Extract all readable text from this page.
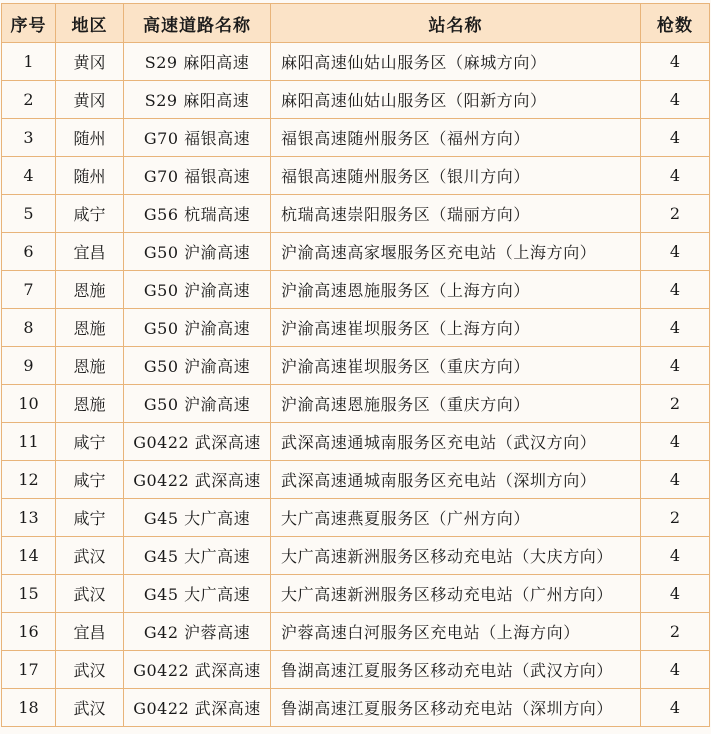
序号	地区	高速道路名称	站名称	枪数
1	黄冈	S29 麻阳高速	麻阳高速仙姑山服务区（麻城方向）	4
2	黄冈	S29 麻阳高速	麻阳高速仙姑山服务区（阳新方向）	4
3	随州	G70 福银高速	福银高速随州服务区（福州方向）	4
4	随州	G70 福银高速	福银高速随州服务区（银川方向）	4
5	咸宁	G56 杭瑞高速	杭瑞高速崇阳服务区（瑞丽方向）	2
6	宜昌	G50 沪渝高速	沪渝高速高家堰服务区充电站（上海方向）	4
7	恩施	G50 沪渝高速	沪渝高速恩施服务区（上海方向）	4
8	恩施	G50 沪渝高速	沪渝高速崔坝服务区（上海方向）	4
9	恩施	G50 沪渝高速	沪渝高速崔坝服务区（重庆方向）	4
10	恩施	G50 沪渝高速	沪渝高速恩施服务区（重庆方向）	2
11	咸宁	G0422 武深高速	武深高速通城南服务区充电站（武汉方向）	4
12	咸宁	G0422 武深高速	武深高速通城南服务区充电站（深圳方向）	4
13	咸宁	G45 大广高速	大广高速燕夏服务区（广州方向）	2
14	武汉	G45 大广高速	大广高速新洲服务区移动充电站（大庆方向）	4
15	武汉	G45 大广高速	大广高速新洲服务区移动充电站（广州方向）	4
16	宜昌	G42 沪蓉高速	沪蓉高速白河服务区充电站（上海方向）	2
17	武汉	G0422 武深高速	鲁湖高速江夏服务区移动充电站（武汉方向）	4
18	武汉	G0422 武深高速	鲁湖高速江夏服务区移动充电站（深圳方向）	4
